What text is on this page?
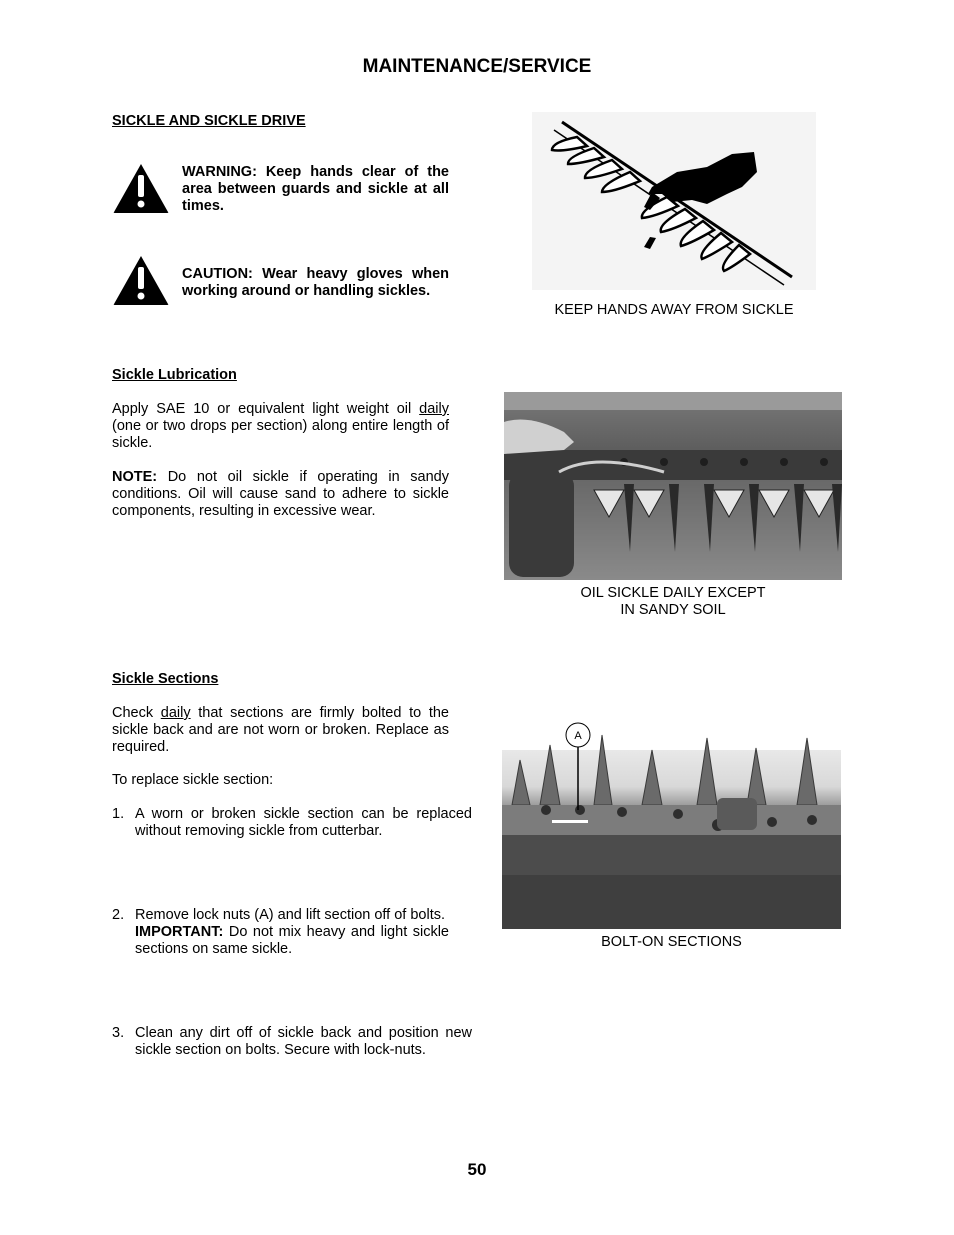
MAINTENANCE/SERVICE
SICKLE AND SICKLE DRIVE
WARNING: Keep hands clear of the area between guards and sickle at all times.
CAUTION: Wear heavy gloves when working around or handling sickles.
KEEP HANDS AWAY FROM SICKLE
Sickle Lubrication
Apply SAE 10 or equivalent light weight oil daily (one or two drops per section) along entire length of sickle.
NOTE: Do not oil sickle if operating in sandy conditions. Oil will cause sand to adhere to sickle components, resulting in excessive wear.
OIL SICKLE DAILY EXCEPT
IN SANDY SOIL
Sickle Sections
Check daily that sections are firmly bolted to the sickle back and are not worn or broken. Replace as required.
To replace sickle section:
1. A worn or broken sickle section can be replaced without removing sickle from cutterbar.
2. Remove lock nuts (A) and lift section off of bolts.
IMPORTANT: Do not mix heavy and light sickle sections on same sickle.
3. Clean any dirt off of sickle back and position new sickle section on bolts. Secure with lock-nuts.
A
BOLT-ON SECTIONS
50
